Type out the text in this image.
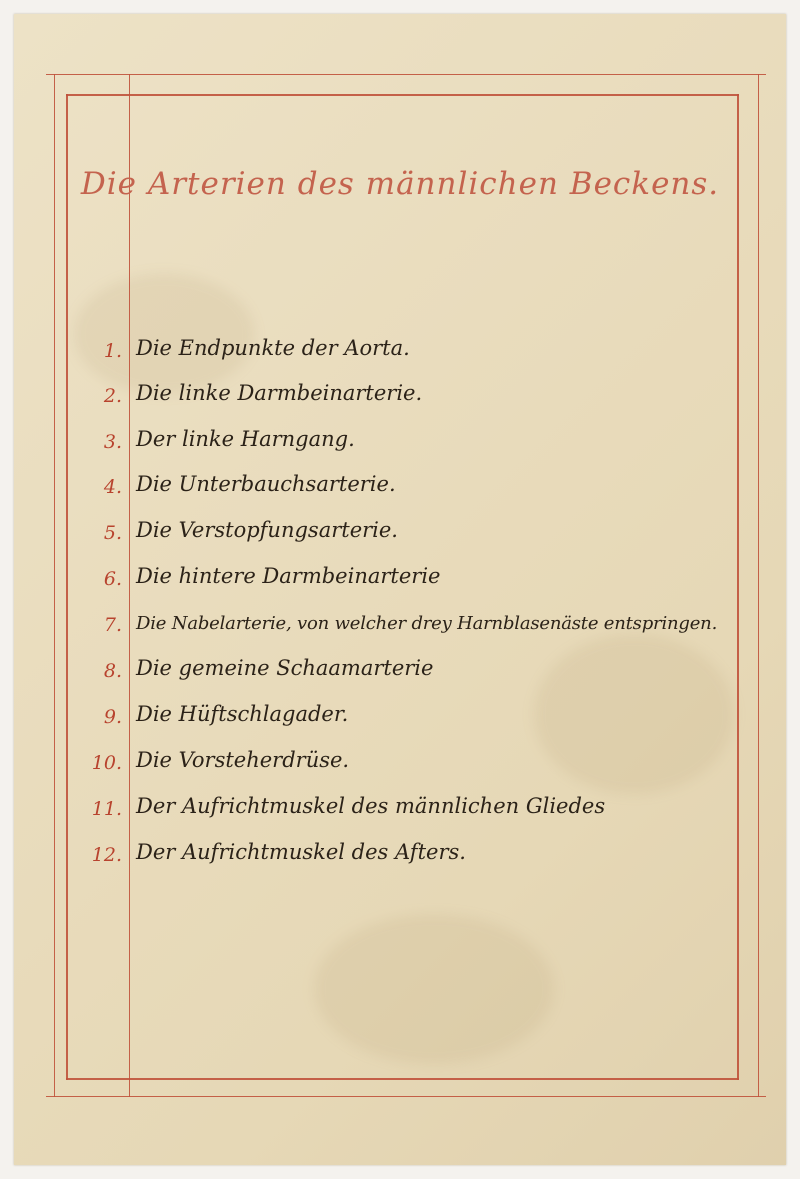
Die Arterien des männlichen Beckens.
1. Die Endpunkte der Aorta.
2. Die linke Darmbeinarterie.
3. Der linke Harngang.
4. Die Unterbauchsarterie.
5. Die Verstopfungsarterie.
6. Die hintere Darmbeinarterie
7. Die Nabelarterie, von welcher drey Harnblasenäste entspringen.
8. Die gemeine Schaamarterie
9. Die Hüftschlagader.
10. Die Vorsteherdrüse.
11. Der Aufrichtmuskel des männlichen Gliedes
12. Der Aufrichtmuskel des Afters.
